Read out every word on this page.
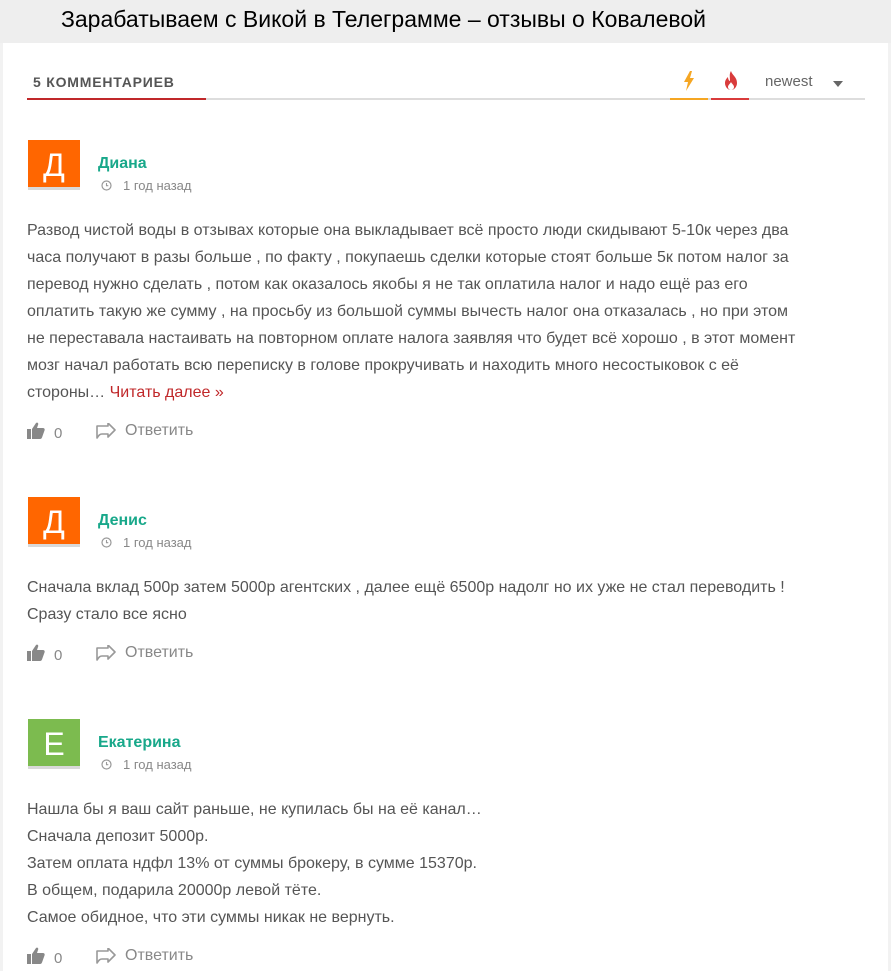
Зарабатываем с Викой в Телеграмме – отзывы о Ковалевой
5 КОММЕНТАРИЕВ	newest
Д	Диана
1 год назад

Развод чистой воды в отзывах которые она выкладывает всё просто люди скидывают 5-10к через два

часа получают в разы больше , по факту , покупаешь сделки которые стоят больше 5к потом налог за

перевод нужно сделать , потом как оказалось якобы я не так оплатила налог и надо ещё раз его

оплатить такую же сумму , на просьбу из большой суммы вычесть налог она отказалась , но при этом

не переставала настаивать на повторном оплате налога заявляя что будет всё хорошо , в этот момент

мозг начал работать всю переписку в голове прокручивать и находить много несостыковок с её

стороны… Читать далее »

0	Ответить
Д	Денис
1 год назад

Сначала вклад 500р затем 5000р агентских , далее ещё 6500р надолг но их уже не стал переводить !

Сразу стало все ясно

0	Ответить
Е	Екатерина
1 год назад

Нашла бы я ваш сайт раньше, не купилась бы на её канал…

Сначала депозит 5000р.

Затем оплата ндфл 13% от суммы брокеру, в сумме 15370р.

В общем, подарила 20000р левой тёте.

Самое обидное, что эти суммы никак не вернуть.

0	Ответить
